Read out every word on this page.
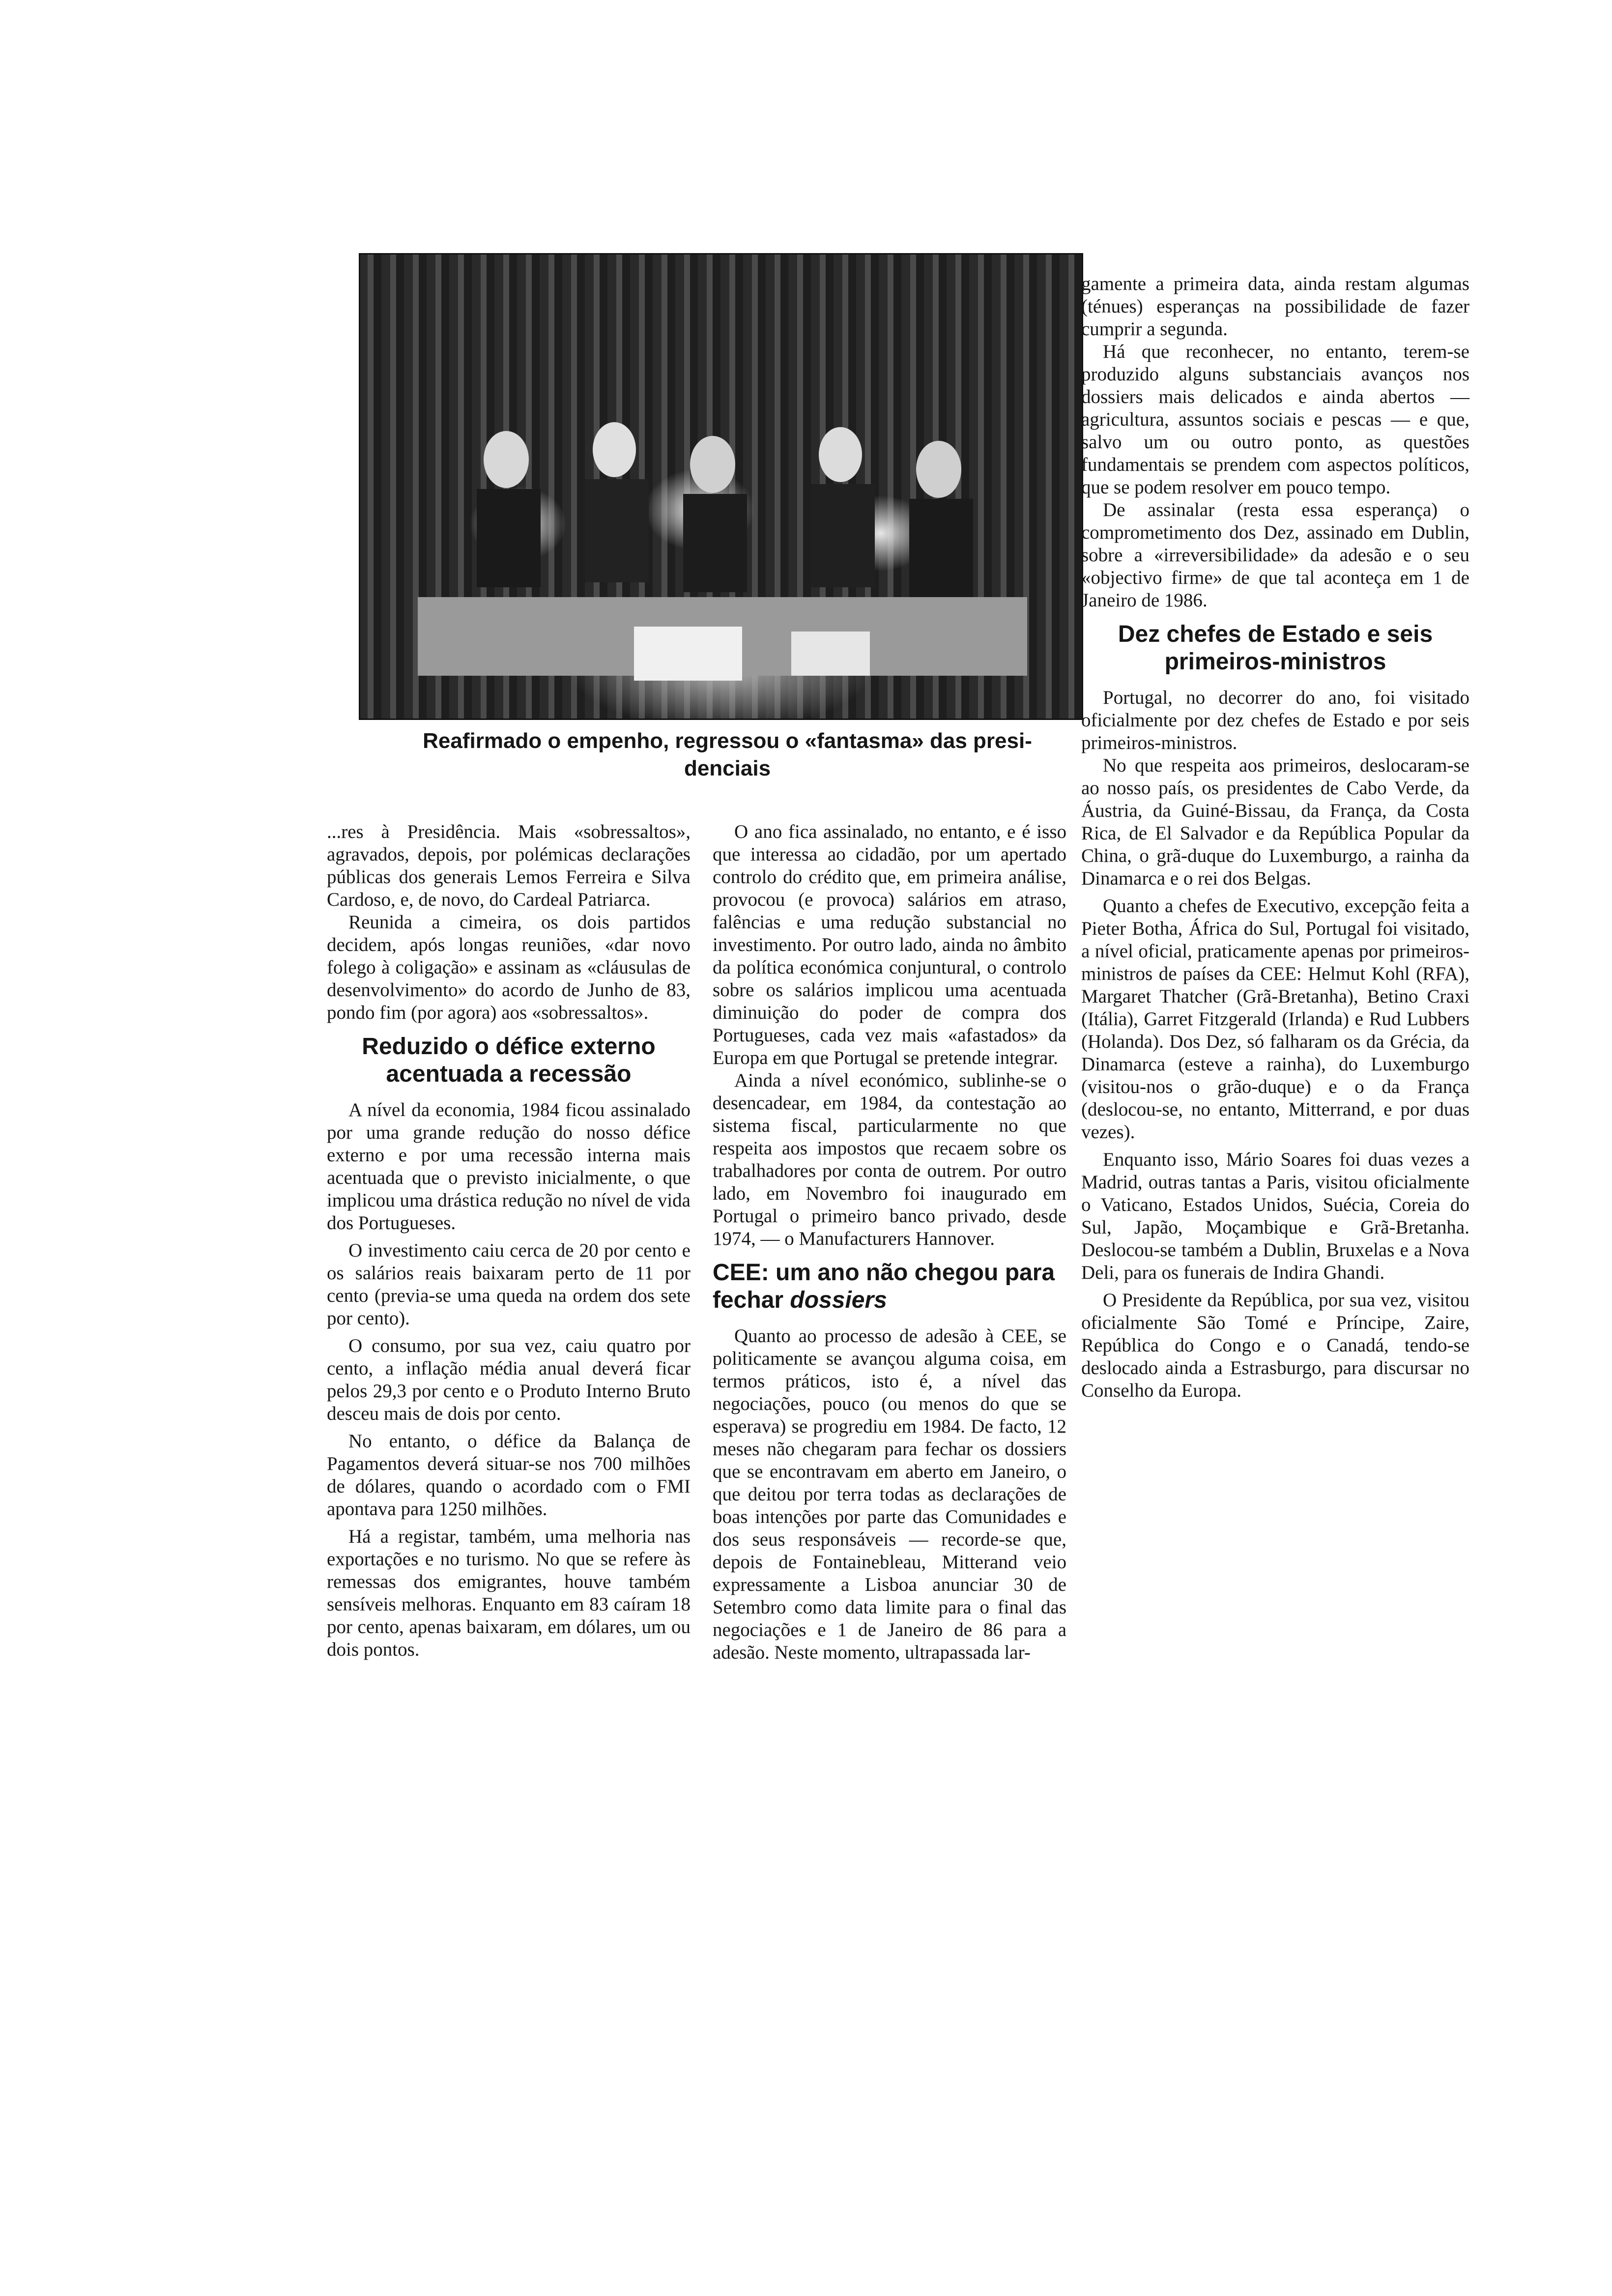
Reafirmado o empenho, regressou o «fantasma» das presi-
denciais

...res à Presidência. Mais «sobressaltos», agravados, depois, por polémicas declarações públicas dos generais Lemos Ferreira e Silva Cardoso, e, de novo, do Cardeal Patriarca.

Reunida a cimeira, os dois partidos decidem, após longas reuniões, «dar novo folego à coligação» e assinam as «cláusulas de desenvolvimento» do acordo de Junho de 83, pondo fim (por agora) aos «sobressaltos».

Reduzido o défice externo acentuada a recessão

A nível da economia, 1984 ficou assinalado por uma grande redução do nosso défice externo e por uma recessão interna mais acentuada que o previsto inicialmente, o que implicou uma drástica redução no nível de vida dos Portugueses.

O investimento caiu cerca de 20 por cento e os salários reais baixaram perto de 11 por cento (previa-se uma queda na ordem dos sete por cento).

O consumo, por sua vez, caiu quatro por cento, a inflação média anual deverá ficar pelos 29,3 por cento e o Produto Interno Bruto desceu mais de dois por cento.

No entanto, o défice da Balança de Pagamentos deverá situar-se nos 700 milhões de dólares, quando o acordado com o FMI apontava para 1250 milhões.

Há a registar, também, uma melhoria nas exportações e no turismo. No que se refere às remessas dos emigrantes, houve também sensíveis melhoras. Enquanto em 83 caíram 18 por cento, apenas baixaram, em dólares, um ou dois pontos.

O ano fica assinalado, no entanto, e é isso que interessa ao cidadão, por um apertado controlo do crédito que, em primeira análise, provocou (e provoca) salários em atraso, falências e uma redução substancial no investimento. Por outro lado, ainda no âmbito da política económica conjuntural, o controlo sobre os salários implicou uma acentuada diminuição do poder de compra dos Portugueses, cada vez mais «afastados» da Europa em que Portugal se pretende integrar.

Ainda a nível económico, sublinhe-se o desencadear, em 1984, da contestação ao sistema fiscal, particularmente no que respeita aos impostos que recaem sobre os trabalhadores por conta de outrem. Por outro lado, em Novembro foi inaugurado em Portugal o primeiro banco privado, desde 1974, — o Manufacturers Hannover.

CEE: um ano não chegou para fechar dossiers

Quanto ao processo de adesão à CEE, se politicamente se avançou alguma coisa, em termos práticos, isto é, a nível das negociações, pouco (ou menos do que se esperava) se progrediu em 1984. De facto, 12 meses não chegaram para fechar os dossiers que se encontravam em aberto em Janeiro, o que deitou por terra todas as declarações de boas intenções por parte das Comunidades e dos seus responsáveis — recorde-se que, depois de Fontainebleau, Mitterand veio expressamente a Lisboa anunciar 30 de Setembro como data limite para o final das negociações e 1 de Janeiro de 86 para a adesão. Neste momento, ultrapassada lar-

gamente a primeira data, ainda restam algumas (ténues) esperanças na possibilidade de fazer cumprir a segunda.

Há que reconhecer, no entanto, terem-se produzido alguns substanciais avanços nos dossiers mais delicados e ainda abertos — agricultura, assuntos sociais e pescas — e que, salvo um ou outro ponto, as questões fundamentais se prendem com aspectos políticos, que se podem resolver em pouco tempo.

De assinalar (resta essa esperança) o comprometimento dos Dez, assinado em Dublin, sobre a «irreversibilidade» da adesão e o seu «objectivo firme» de que tal aconteça em 1 de Janeiro de 1986.

Dez chefes de Estado e seis primeiros-ministros

Portugal, no decorrer do ano, foi visitado oficialmente por dez chefes de Estado e por seis primeiros-ministros.

No que respeita aos primeiros, deslocaram-se ao nosso país, os presidentes de Cabo Verde, da Áustria, da Guiné-Bissau, da França, da Costa Rica, de El Salvador e da República Popular da China, o grã-duque do Luxemburgo, a rainha da Dinamarca e o rei dos Belgas.

Quanto a chefes de Executivo, excepção feita a Pieter Botha, África do Sul, Portugal foi visitado, a nível oficial, praticamente apenas por primeiros-ministros de países da CEE: Helmut Kohl (RFA), Margaret Thatcher (Grã-Bretanha), Betino Craxi (Itália), Garret Fitzgerald (Irlanda) e Rud Lubbers (Holanda). Dos Dez, só falharam os da Grécia, da Dinamarca (esteve a rainha), do Luxemburgo (visitou-nos o grão-duque) e o da França (deslocou-se, no entanto, Mitterrand, e por duas vezes).

Enquanto isso, Mário Soares foi duas vezes a Madrid, outras tantas a Paris, visitou oficialmente o Vaticano, Estados Unidos, Suécia, Coreia do Sul, Japão, Moçambique e Grã-Bretanha. Deslocou-se também a Dublin, Bruxelas e a Nova Deli, para os funerais de Indira Ghandi.

O Presidente da República, por sua vez, visitou oficialmente São Tomé e Príncipe, Zaire, República do Congo e o Canadá, tendo-se deslocado ainda a Estrasburgo, para discursar no Conselho da Europa.
